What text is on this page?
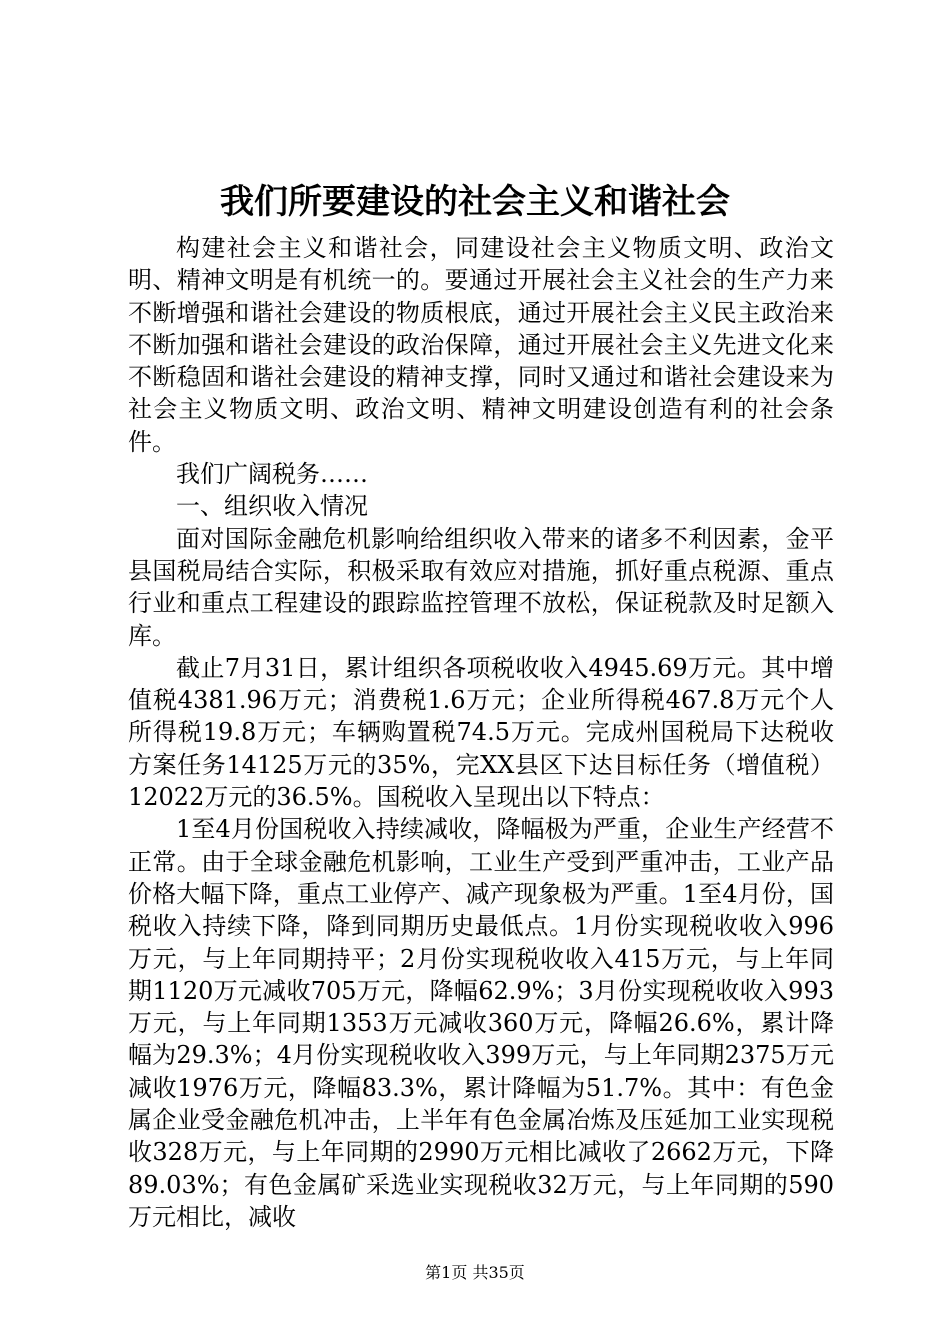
我们所要建设的社会主义和谐社会

构建社会主义和谐社会，同建设社会主义物质文明、政治文明、精神文明是有机统一的。要通过开展社会主义社会的生产力来不断增强和谐社会建设的物质根底，通过开展社会主义民主政治来不断加强和谐社会建设的政治保障，通过开展社会主义先进文化来不断稳固和谐社会建设的精神支撑，同时又通过和谐社会建设来为社会主义物质文明、政治文明、精神文明建设创造有利的社会条件。

我们广阔税务……

一、组织收入情况

面对国际金融危机影响给组织收入带来的诸多不利因素，金平县国税局结合实际，积极采取有效应对措施，抓好重点税源、重点行业和重点工程建设的跟踪监控管理不放松，保证税款及时足额入库。

截止7月31日，累计组织各项税收收入4945.69万元。其中增值税4381.96万元；消费税1.6万元；企业所得税467.8万元个人所得税19.8万元；车辆购置税74.5万元。完成州国税局下达税收方案任务14125万元的35%，完XX县区下达目标任务（增值税）12022万元的36.5%。国税收入呈现出以下特点：

1至4月份国税收入持续减收，降幅极为严重，企业生产经营不正常。由于全球金融危机影响，工业生产受到严重冲击，工业产品价格大幅下降，重点工业停产、减产现象极为严重。1至4月份，国税收入持续下降，降到同期历史最低点。1月份实现税收收入996万元，与上年同期持平；2月份实现税收收入415万元，与上年同期1120万元减收705万元，降幅62.9%；3月份实现税收收入993万元，与上年同期1353万元减收360万元，降幅26.6%，累计降幅为29.3%；4月份实现税收收入399万元，与上年同期2375万元减收1976万元，降幅83.3%，累计降幅为51.7%。其中：有色金属企业受金融危机冲击，上半年有色金属冶炼及压延加工业实现税收328万元，与上年同期的2990万元相比减收了2662万元，下降89.03%；有色金属矿采选业实现税收32万元，与上年同期的590万元相比，减收

第1页 共35页
